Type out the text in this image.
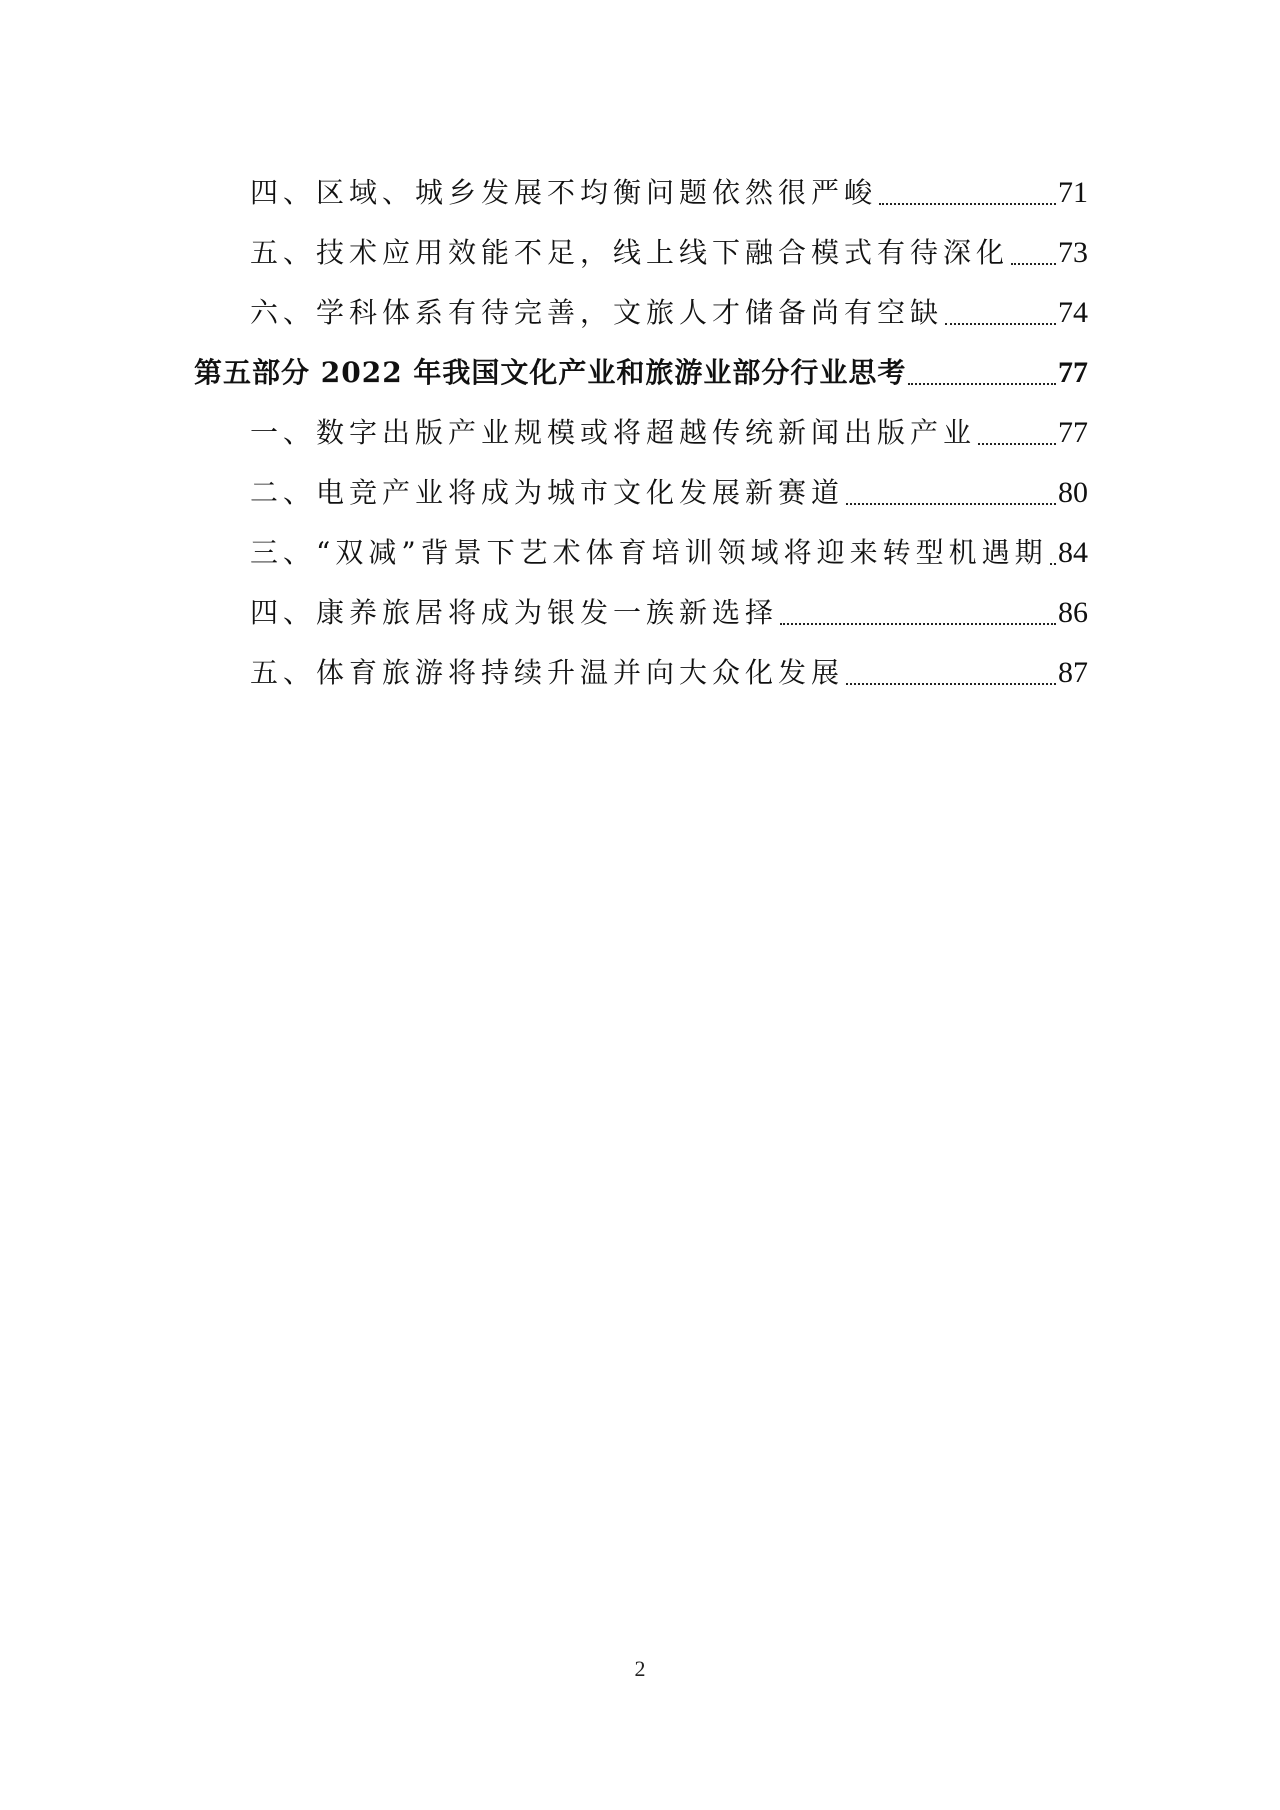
四、区域、城乡发展不均衡问题依然很严峻	71
五、技术应用效能不足，线上线下融合模式有待深化 73
六、学科体系有待完善，文旅人才储备尚有空缺	74
第五部分 2022 年我国文化产业和旅游业部分行业思考	77
一、数字出版产业规模或将超越传统新闻出版产业	77
二、电竞产业将成为城市文化发展新赛道	80
三、“双减”背景下艺术体育培训领域将迎来转型机遇期 84
四、康养旅居将成为银发一族新选择	86
五、体育旅游将持续升温并向大众化发展	87
2
